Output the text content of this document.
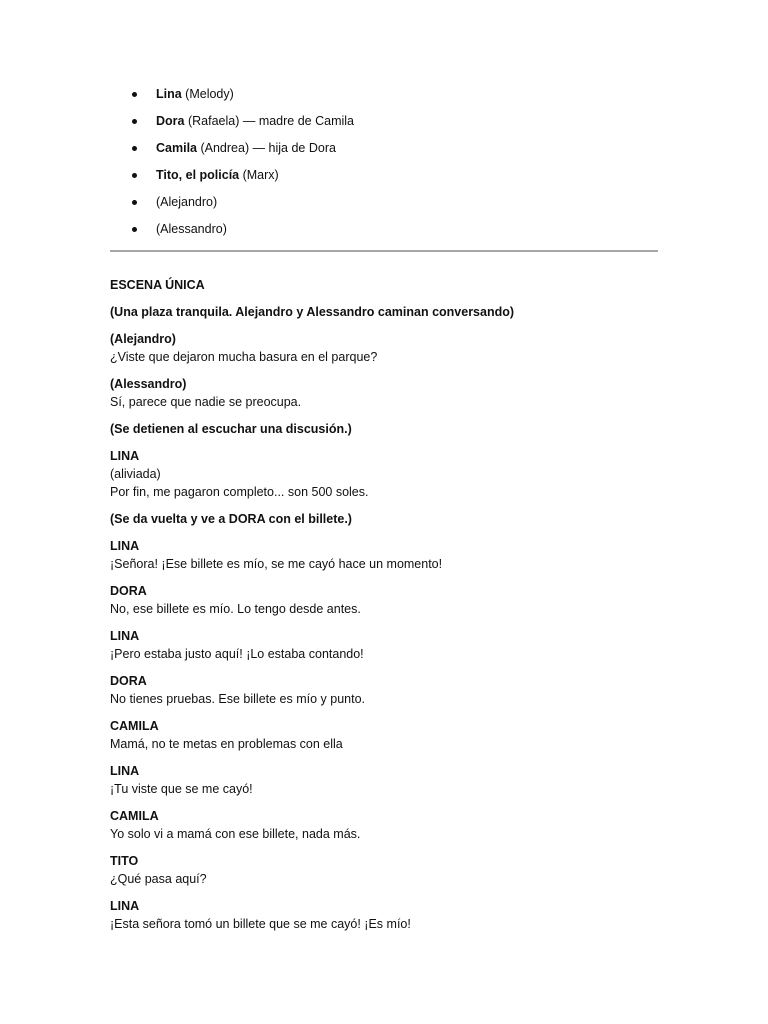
Lina (Melody)
Dora (Rafaela) — madre de Camila
Camila (Andrea) — hija de Dora
Tito, el policía (Marx)
(Alejandro)
(Alessandro)

ESCENA ÚNICA

(Una plaza tranquila. Alejandro y Alessandro caminan conversando)

(Alejandro)
¿Viste que dejaron mucha basura en el parque?

(Alessandro)
Sí, parece que nadie se preocupa.

(Se detienen al escuchar una discusión.)

LINA
(aliviada)
Por fin, me pagaron completo... son 500 soles.

(Se da vuelta y ve a DORA con el billete.)

LINA
¡Señora! ¡Ese billete es mío, se me cayó hace un momento!

DORA
No, ese billete es mío. Lo tengo desde antes.

LINA
¡Pero estaba justo aquí! ¡Lo estaba contando!

DORA
No tienes pruebas. Ese billete es mío y punto.

CAMILA
Mamá, no te metas en problemas con ella

LINA
¡Tu viste que se me cayó!

CAMILA
Yo solo vi a mamá con ese billete, nada más.

TITO
¿Qué pasa aquí?

LINA
¡Esta señora tomó un billete que se me cayó! ¡Es mío!
